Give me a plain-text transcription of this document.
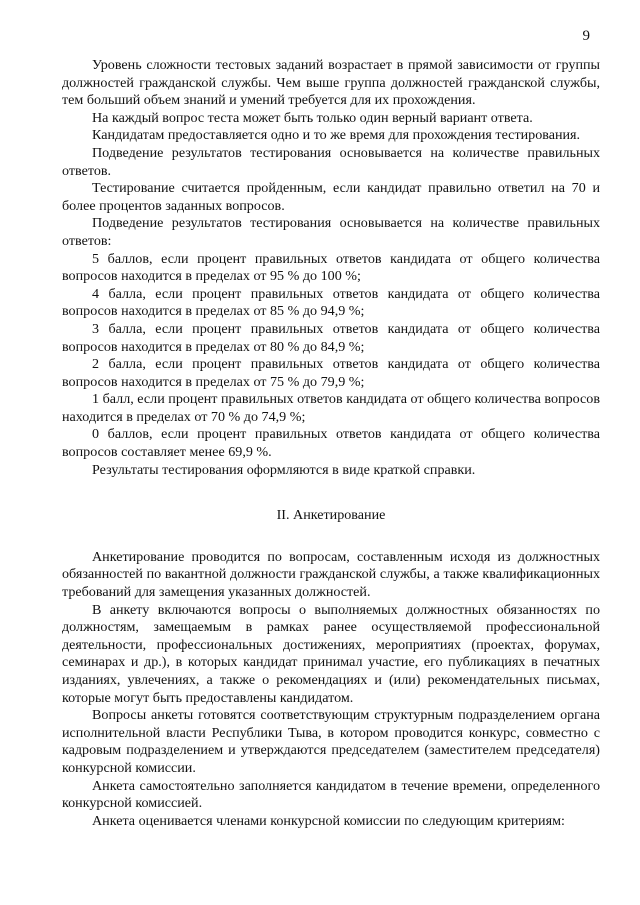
9

Уровень сложности тестовых заданий возрастает в прямой зависимости от группы должностей гражданской службы. Чем выше группа должностей гражданской службы, тем больший объем знаний и умений требуется для их прохождения.

На каждый вопрос теста может быть только один верный вариант ответа.

Кандидатам предоставляется одно и то же время для прохождения тестирования.

Подведение результатов тестирования основывается на количестве правильных ответов.

Тестирование считается пройденным, если кандидат правильно ответил на 70 и более процентов заданных вопросов.

Подведение результатов тестирования основывается на количестве правильных ответов:

5 баллов, если процент правильных ответов кандидата от общего количества вопросов находится в пределах от 95 % до 100 %;

4 балла, если процент правильных ответов кандидата от общего количества вопросов находится в пределах от 85 % до 94,9 %;

3 балла, если процент правильных ответов кандидата от общего количества вопросов находится в пределах от 80 % до 84,9 %;

2 балла, если процент правильных ответов кандидата от общего количества вопросов находится в пределах от 75 % до 79,9 %;

1 балл, если процент правильных ответов кандидата от общего количества вопросов находится в пределах от 70 % до 74,9 %;

0 баллов, если процент правильных ответов кандидата от общего количества вопросов составляет менее 69,9 %.

Результаты тестирования оформляются в виде краткой справки.

II. Анкетирование

Анкетирование проводится по вопросам, составленным исходя из должностных обязанностей по вакантной должности гражданской службы, а также квалификационных требований для замещения указанных должностей.

В анкету включаются вопросы о выполняемых должностных обязанностях по должностям, замещаемым в рамках ранее осуществляемой профессиональной деятельности, профессиональных достижениях, мероприятиях (проектах, форумах, семинарах и др.), в которых кандидат принимал участие, его публикациях в печатных изданиях, увлечениях, а также о рекомендациях и (или) рекомендательных письмах, которые могут быть предоставлены кандидатом.

Вопросы анкеты готовятся соответствующим структурным подразделением органа исполнительной власти Республики Тыва, в котором проводится конкурс, совместно с кадровым подразделением и утверждаются председателем (заместителем председателя) конкурсной комиссии.

Анкета самостоятельно заполняется кандидатом в течение времени, определенного конкурсной комиссией.

Анкета оценивается членами конкурсной комиссии по следующим критериям:
